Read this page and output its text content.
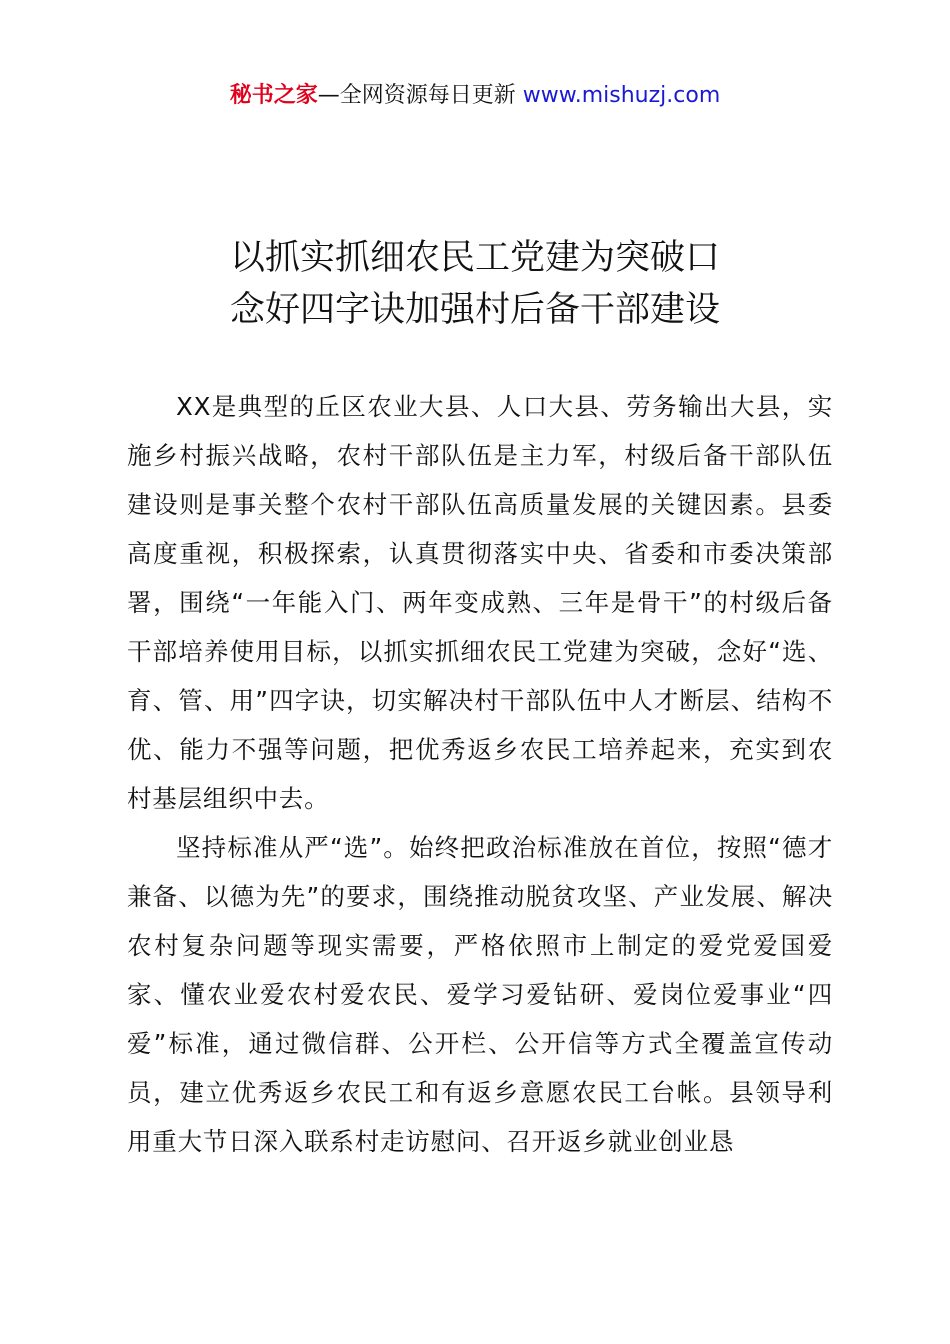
秘书之家—全网资源每日更新 www.mishuzj.com
以抓实抓细农民工党建为突破口
念好四字诀加强村后备干部建设

XX是典型的丘区农业大县、人口大县、劳务输出大县，实施乡村振兴战略，农村干部队伍是主力军，村级后备干部队伍建设则是事关整个农村干部队伍高质量发展的关键因素。县委高度重视，积极探索，认真贯彻落实中央、省委和市委决策部署，围绕“一年能入门、两年变成熟、三年是骨干”的村级后备干部培养使用目标，以抓实抓细农民工党建为突破，念好“选、育、管、用”四字诀，切实解决村干部队伍中人才断层、结构不优、能力不强等问题，把优秀返乡农民工培养起来，充实到农村基层组织中去。

坚持标准从严“选”。始终把政治标准放在首位，按照“德才兼备、以德为先”的要求，围绕推动脱贫攻坚、产业发展、解决农村复杂问题等现实需要，严格依照市上制定的爱党爱国爱家、懂农业爱农村爱农民、爱学习爱钻研、爱岗位爱事业“四爱”标准，通过微信群、公开栏、公开信等方式全覆盖宣传动员，建立优秀返乡农民工和有返乡意愿农民工台帐。县领导利用重大节日深入联系村走访慰问、召开返乡就业创业恳
